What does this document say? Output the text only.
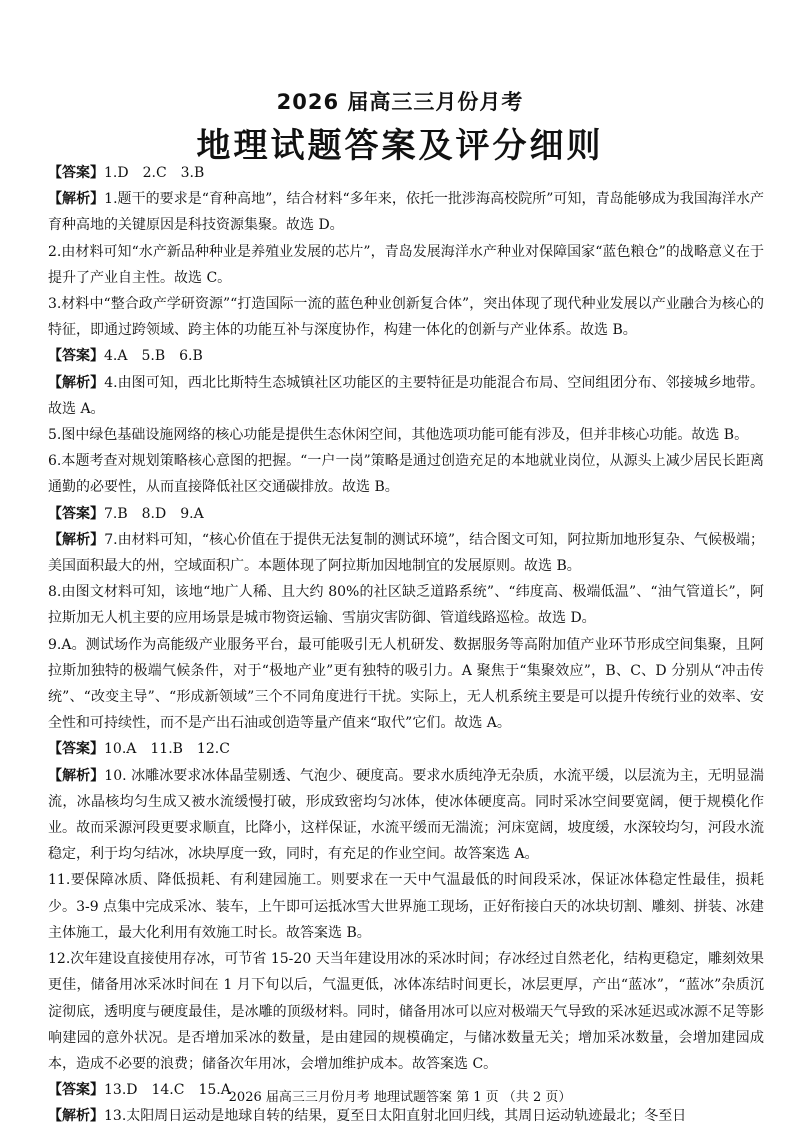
2026 届高三三月份月考
地理试题答案及评分细则

【答案】1.D　2.C　3.B

【解析】1.题干的要求是“育种高地”，结合材料“多年来，依托一批涉海高校院所”可知，青岛能够成为我国海洋水产育种高地的关键原因是科技资源集聚。故选 D。

2.由材料可知“水产新品种种业是养殖业发展的芯片”，青岛发展海洋水产种业对保障国家“蓝色粮仓”的战略意义在于提升了产业自主性。故选 C。

3.材料中“整合政产学研资源”“打造国际一流的蓝色种业创新复合体”，突出体现了现代种业发展以产业融合为核心的特征，即通过跨领域、跨主体的功能互补与深度协作，构建一体化的创新与产业体系。故选 B。

【答案】4.A　5.B　6.B

【解析】4.由图可知，西北比斯特生态城镇社区功能区的主要特征是功能混合布局、空间组团分布、邻接城乡地带。故选 A。

5.图中绿色基础设施网络的核心功能是提供生态休闲空间，其他选项功能可能有涉及，但并非核心功能。故选 B。

6.本题考查对规划策略核心意图的把握。“一户一岗”策略是通过创造充足的本地就业岗位，从源头上减少居民长距离通勤的必要性，从而直接降低社区交通碳排放。故选 B。

【答案】7.B　8.D　9.A

【解析】7.由材料可知，“核心价值在于提供无法复制的测试环境”，结合图文可知，阿拉斯加地形复杂、气候极端；美国面积最大的州，空域面积广。本题体现了阿拉斯加因地制宜的发展原则。故选 B。

8.由图文材料可知，该地“地广人稀、且大约 80%的社区缺乏道路系统”、“纬度高、极端低温”、“油气管道长”，阿拉斯加无人机主要的应用场景是城市物资运输、雪崩灾害防御、管道线路巡检。故选 D。

9.A。测试场作为高能级产业服务平台，最可能吸引无人机研发、数据服务等高附加值产业环节形成空间集聚，且阿拉斯加独特的极端气候条件，对于“极地产业”更有独特的吸引力。A 聚焦于“集聚效应”，B、C、D 分别从“冲击传统”、“改变主导”、“形成新领域”三个不同角度进行干扰。实际上，无人机系统主要是可以提升传统行业的效率、安全性和可持续性，而不是产出石油或创造等量产值来“取代”它们。故选 A。

【答案】10.A　11.B　12.C

【解析】10. 冰雕冰要求冰体晶莹剔透、气泡少、硬度高。要求水质纯净无杂质，水流平缓，以层流为主，无明显湍流，冰晶核均匀生成又被水流缓慢打破，形成致密均匀冰体，使冰体硬度高。同时采冰空间要宽阔，便于规模化作业。故而采源河段更要求顺直，比降小，这样保证，水流平缓而无湍流；河床宽阔，坡度缓，水深较均匀，河段水流稳定，利于均匀结冰，冰块厚度一致，同时，有充足的作业空间。故答案选 A。

11.要保障冰质、降低损耗、有利建园施工。则要求在一天中气温最低的时间段采冰，保证冰体稳定性最佳，损耗少。3-9 点集中完成采冰、装车，上午即可运抵冰雪大世界施工现场，正好衔接白天的冰块切割、雕刻、拼装、冰建主体施工，最大化利用有效施工时长。故答案选 B。

12.次年建设直接使用存冰，可节省 15-20 天当年建设用冰的采冰时间；存冰经过自然老化，结构更稳定，雕刻效果更佳，储备用冰采冰时间在 1 月下旬以后，气温更低，冰体冻结时间更长，冰层更厚，产出“蓝冰”，“蓝冰”杂质沉淀彻底，透明度与硬度最佳，是冰雕的顶级材料。同时，储备用冰可以应对极端天气导致的采冰延迟或冰源不足等影响建园的意外状况。是否增加采冰的数量，是由建园的规模确定，与储冰数量无关；增加采冰数量，会增加建园成本，造成不必要的浪费；储备次年用冰，会增加维护成本。故答案选 C。

【答案】13.D　14.C　15.A

【解析】13.太阳周日运动是地球自转的结果，夏至日太阳直射北回归线，其周日运动轨迹最北；冬至日

2026 届高三三月份月考 地理试题答案 第 1 页 （共 2 页）
